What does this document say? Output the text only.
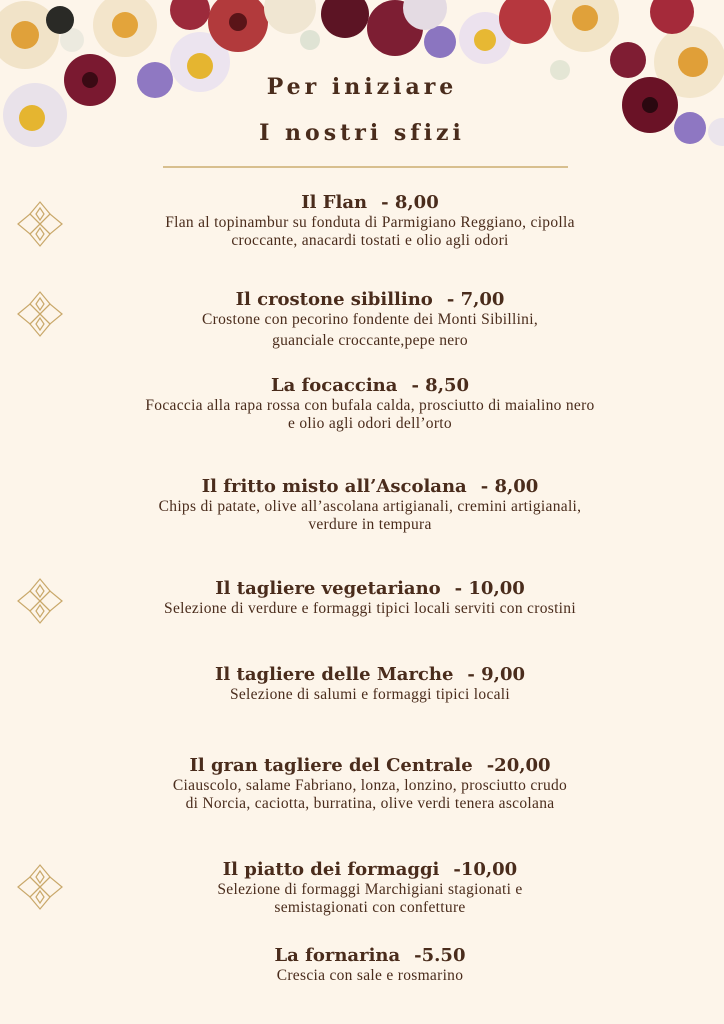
Per iniziare
I nostri sfizi
Il Flan - 8,00
Flan al topinambur su fonduta di Parmigiano Reggiano, cipolla
croccante, anacardi tostati e olio agli odori
Il crostone sibillino - 7,00
Crostone con pecorino fondente dei Monti Sibillini,
guanciale croccante,pepe nero
La focaccina - 8,50
Focaccia alla rapa rossa con bufala calda, prosciutto di maialino nero
e olio agli odori dell’orto
Il fritto misto all’Ascolana - 8,00
Chips di patate, olive all’ascolana artigianali, cremini artigianali,
verdure in tempura
Il tagliere vegetariano - 10,00
Selezione di verdure e formaggi tipici locali serviti con crostini
Il tagliere delle Marche - 9,00
Selezione di salumi e formaggi tipici locali
Il gran tagliere del Centrale -20,00
Ciauscolo, salame Fabriano, lonza, lonzino, prosciutto crudo
di Norcia, caciotta, burratina, olive verdi tenera ascolana
Il piatto dei formaggi -10,00
Selezione di formaggi Marchigiani stagionati e
semistagionati con confetture
La fornarina -5.50
Crescia con sale e rosmarino
